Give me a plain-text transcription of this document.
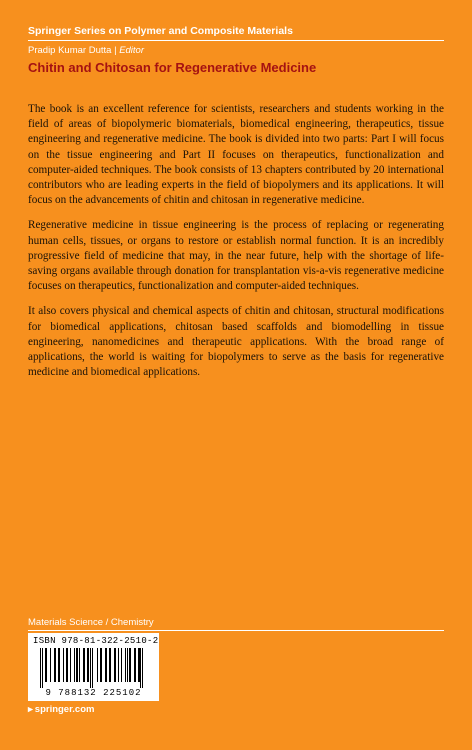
Springer Series on Polymer and Composite Materials
Pradip Kumar Dutta | Editor
Chitin and Chitosan for Regenerative Medicine

The book is an excellent reference for scientists, researchers and students working in the field of areas of biopolymeric biomaterials, biomedical engineering, therapeutics, tissue engineering and regenerative medicine. The book is divided into two parts: Part I will focus on the tissue engineering and Part II focuses on therapeutics, functionalization and computer-aided techniques. The book consists of 13 chapters contributed by 20 international contributors who are leading experts in the field of biopolymers and its applications. It will focus on the advancements of chitin and chitosan in regenerative medicine.

Regenerative medicine in tissue engineering is the process of replacing or regenerating human cells, tissues, or organs to restore or establish normal function. It is an incredibly progressive field of medicine that may, in the near future, help with the shortage of life-saving organs available through donation for transplantation vis-a-vis regenerative medicine focuses on therapeutics, functionalization and computer-aided techniques.

It also covers physical and chemical aspects of chitin and chitosan, structural modifications for biomedical applications, chitosan based scaffolds and biomodelling in tissue engineering, nanomedicines and therapeutic applications. With the broad range of applications, the world is waiting for biopolymers to serve as the basis for regenerative medicine and biomedical applications.

Materials Science / Chemistry
ISBN 978-81-322-2510-2
9 788132 225102
▸ springer.com
